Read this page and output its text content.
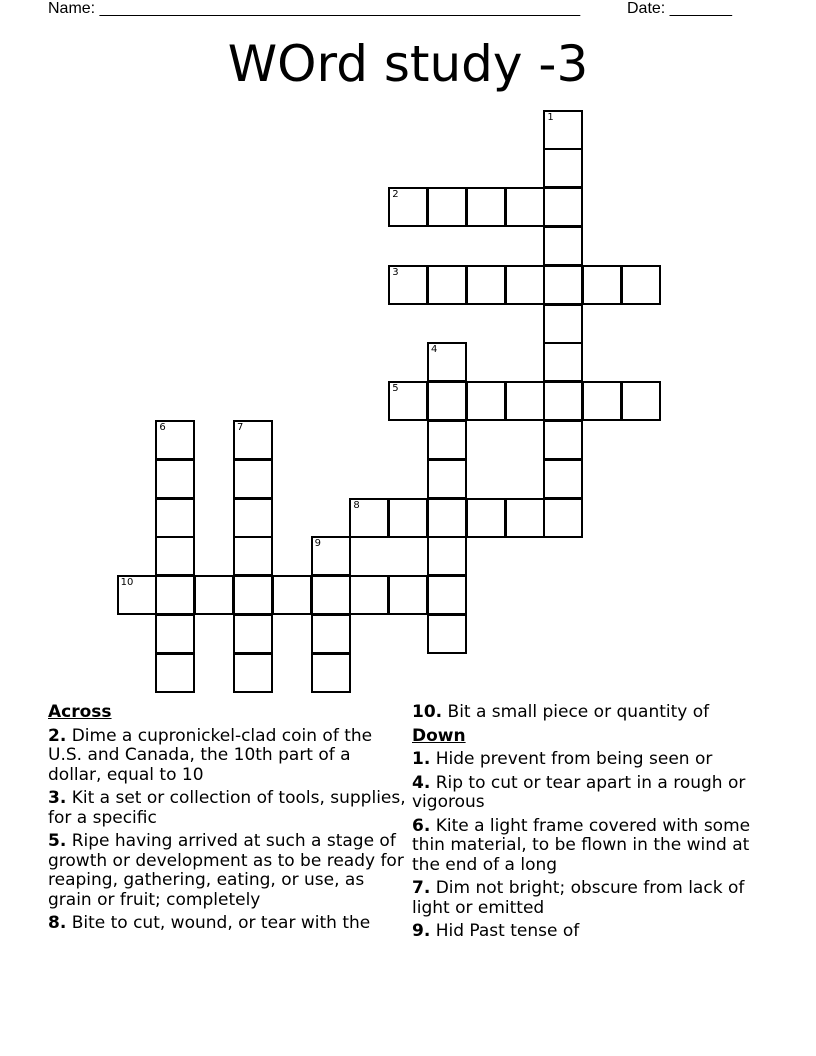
Name: ______________________________________________________	Date: _______
WOrd study -3
1
2
3
4
5
6	7
8
9
10
Across
2. Dime a cupronickel-clad coin of the U.S. and Canada, the 10th part of a dollar, equal to 10
3. Kit a set or collection of tools, supplies, for a specific
5. Ripe having arrived at such a stage of growth or development as to be ready for reaping, gathering, eating, or use, as grain or fruit; completely
8. Bite to cut, wound, or tear with the
10. Bit a small piece or quantity of
Down
1. Hide prevent from being seen or
4. Rip to cut or tear apart in a rough or vigorous
6. Kite a light frame covered with some thin material, to be flown in the wind at the end of a long
7. Dim not bright; obscure from lack of light or emitted
9. Hid Past tense of
